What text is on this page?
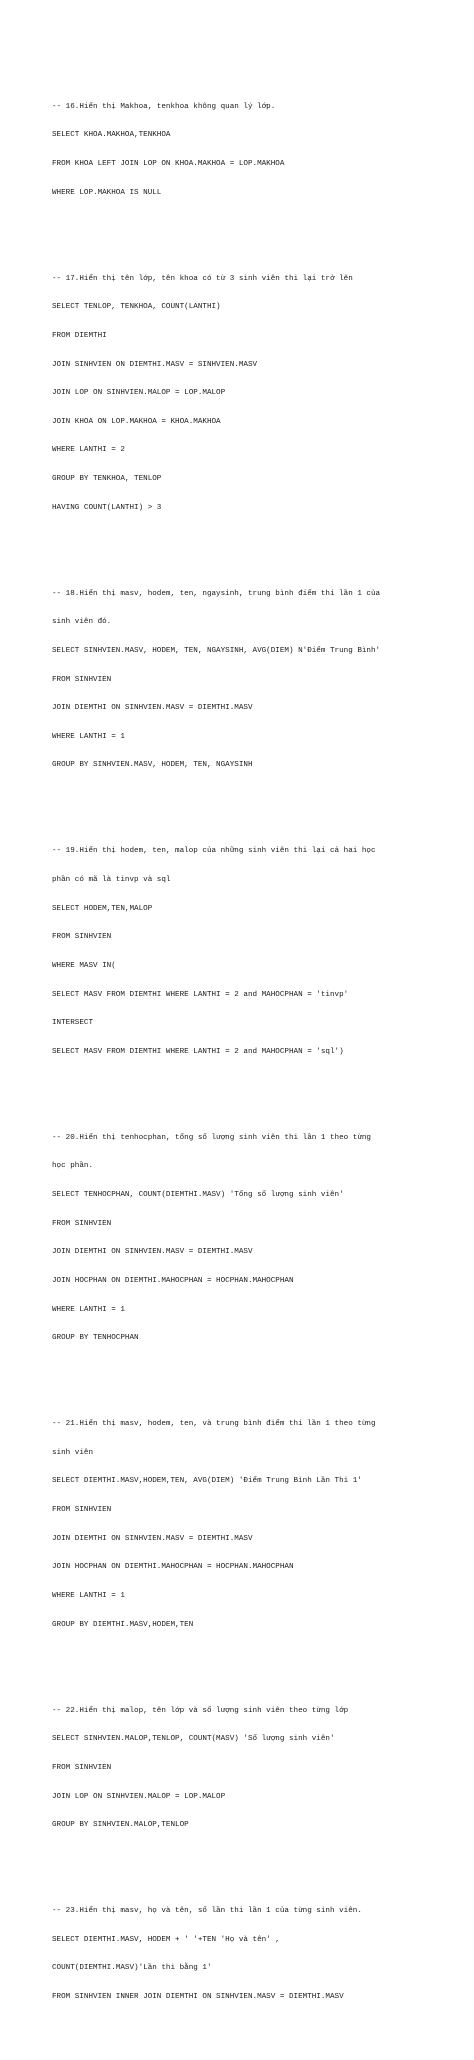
-- 16.Hiển thị Makhoa, tenkhoa không quan lý lớp.

SELECT KHOA.MAKHOA,TENKHOA

FROM KHOA LEFT JOIN LOP ON KHOA.MAKHOA = LOP.MAKHOA

WHERE LOP.MAKHOA IS NULL

-- 17.Hiển thị tên lớp, tên khoa có từ 3 sinh viên thi lại trở lên

SELECT TENLOP, TENKHOA, COUNT(LANTHI)

FROM DIEMTHI

JOIN SINHVIEN ON DIEMTHI.MASV = SINHVIEN.MASV

JOIN LOP ON SINHVIEN.MALOP = LOP.MALOP

JOIN KHOA ON LOP.MAKHOA = KHOA.MAKHOA

WHERE LANTHI = 2

GROUP BY TENKHOA, TENLOP

HAVING COUNT(LANTHI) > 3

-- 18.Hiển thị masv, hodem, ten, ngaysinh, trung bình điểm thi lần 1 của

sinh viên đó.

SELECT SINHVIEN.MASV, HODEM, TEN, NGAYSINH, AVG(DIEM) N'Điểm Trung Bình'

FROM SINHVIEN

JOIN DIEMTHI ON SINHVIEN.MASV = DIEMTHI.MASV

WHERE LANTHI = 1

GROUP BY SINHVIEN.MASV, HODEM, TEN, NGAYSINH

-- 19.Hiển thị hodem, ten, malop của những sinh viên thi lại cả hai học

phần có mã là tinvp và sql

SELECT HODEM,TEN,MALOP

FROM SINHVIEN

WHERE MASV IN(

SELECT MASV FROM DIEMTHI WHERE LANTHI = 2 and MAHOCPHAN = 'tinvp'

INTERSECT

SELECT MASV FROM DIEMTHI WHERE LANTHI = 2 and MAHOCPHAN = 'sql')

-- 20.Hiển thị tenhocphan, tổng số lượng sinh viên thi lần 1 theo từng

học phần.

SELECT TENHOCPHAN, COUNT(DIEMTHI.MASV) 'Tổng số lượng sinh viên'

FROM SINHVIEN

JOIN DIEMTHI ON SINHVIEN.MASV = DIEMTHI.MASV

JOIN HOCPHAN ON DIEMTHI.MAHOCPHAN = HOCPHAN.MAHOCPHAN

WHERE LANTHI = 1

GROUP BY TENHOCPHAN

-- 21.Hiển thị masv, hodem, ten, và trung bình điểm thi lần 1 theo từng

sinh viên

SELECT DIEMTHI.MASV,HODEM,TEN, AVG(DIEM) 'Điểm Trung Bình Lần Thi 1'

FROM SINHVIEN

JOIN DIEMTHI ON SINHVIEN.MASV = DIEMTHI.MASV

JOIN HOCPHAN ON DIEMTHI.MAHOCPHAN = HOCPHAN.MAHOCPHAN

WHERE LANTHI = 1

GROUP BY DIEMTHI.MASV,HODEM,TEN

-- 22.Hiển thị malop, tên lớp và số lượng sinh viên theo từng lớp

SELECT SINHVIEN.MALOP,TENLOP, COUNT(MASV) 'Số lượng sinh viên'

FROM SINHVIEN

JOIN LOP ON SINHVIEN.MALOP = LOP.MALOP

GROUP BY SINHVIEN.MALOP,TENLOP

-- 23.Hiển thị masv, họ và tên, số lần thi lần 1 của từng sinh viên.

SELECT DIEMTHI.MASV, HODEM + ' '+TEN 'Họ và tên' ,

COUNT(DIEMTHI.MASV)'Lần thi bằng 1'

FROM SINHVIEN INNER JOIN DIEMTHI ON SINHVIEN.MASV = DIEMTHI.MASV
